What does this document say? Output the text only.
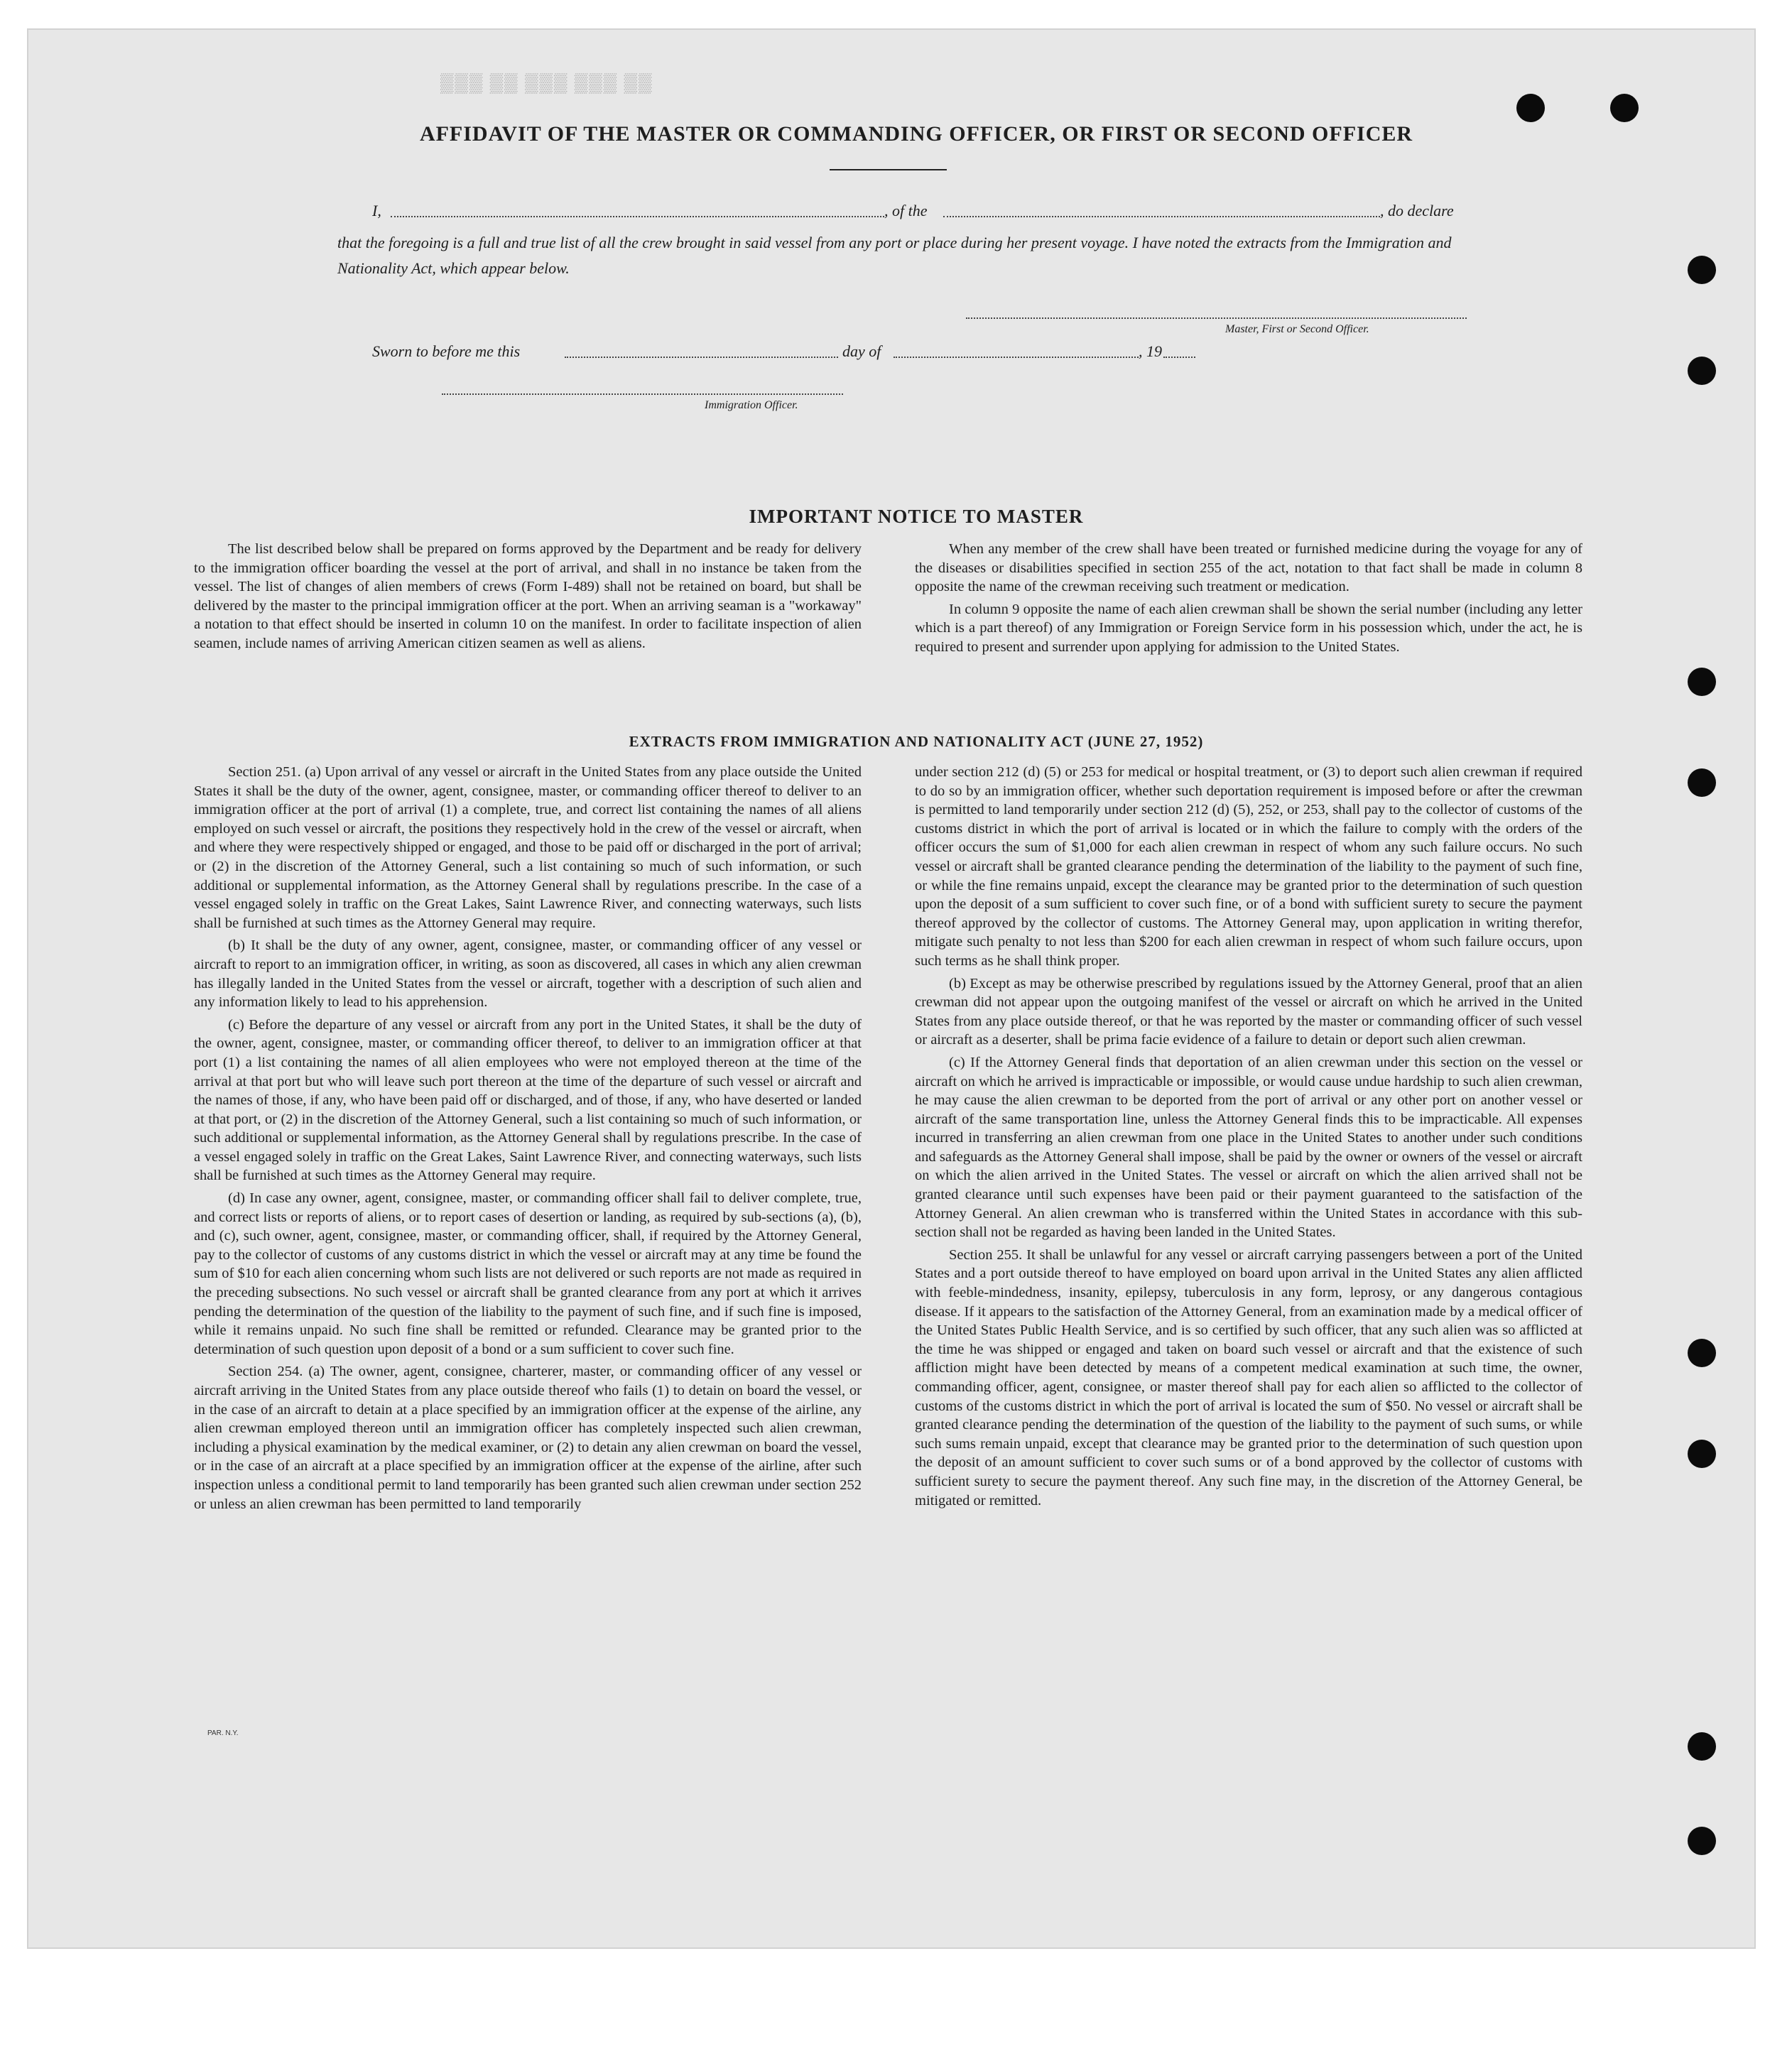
▒▒▒ ▒▒ ▒▒▒ ▒▒▒ ▒▒
AFFIDAVIT OF THE MASTER OR COMMANDING OFFICER, OR FIRST OR SECOND OFFICER
I,	, of the	, do declare
that the foregoing is a full and true list of all the crew brought in said vessel from any port or place during her present voyage. I have noted the extracts from the Immigration and Nationality Act, which appear below.
Master, First or Second Officer.
Sworn to before me this	day of	, 19
Immigration Officer.
IMPORTANT NOTICE TO MASTER

The list described below shall be prepared on forms approved by the Department and be ready for delivery to the immigration officer boarding the vessel at the port of arrival, and shall in no instance be taken from the vessel. The list of changes of alien members of crews (Form I-489) shall not be retained on board, but shall be delivered by the master to the principal immigration officer at the port. When an arriving seaman is a "workaway" a notation to that effect should be inserted in column 10 on the manifest. In order to facilitate inspection of alien seamen, include names of arriving American citizen seamen as well as aliens.

When any member of the crew shall have been treated or furnished medicine during the voyage for any of the diseases or disabilities specified in section 255 of the act, notation to that fact shall be made in column 8 opposite the name of the crewman receiving such treatment or medication.

In column 9 opposite the name of each alien crewman shall be shown the serial number (including any letter which is a part thereof) of any Immigration or Foreign Service form in his possession which, under the act, he is required to present and surrender upon applying for admission to the United States.

EXTRACTS FROM IMMIGRATION AND NATIONALITY ACT (JUNE 27, 1952)

Section 251. (a) Upon arrival of any vessel or aircraft in the United States from any place outside the United States it shall be the duty of the owner, agent, consignee, master, or commanding officer thereof to deliver to an immigration officer at the port of arrival (1) a complete, true, and correct list containing the names of all aliens employed on such vessel or aircraft, the positions they respectively hold in the crew of the vessel or aircraft, when and where they were respectively shipped or engaged, and those to be paid off or discharged in the port of arrival; or (2) in the discretion of the Attorney General, such a list containing so much of such information, or such additional or supplemental information, as the Attorney General shall by regulations prescribe. In the case of a vessel engaged solely in traffic on the Great Lakes, Saint Lawrence River, and connecting waterways, such lists shall be furnished at such times as the Attorney General may require.

(b) It shall be the duty of any owner, agent, consignee, master, or commanding officer of any vessel or aircraft to report to an immigration officer, in writing, as soon as discovered, all cases in which any alien crewman has illegally landed in the United States from the vessel or aircraft, together with a description of such alien and any information likely to lead to his apprehension.

(c) Before the departure of any vessel or aircraft from any port in the United States, it shall be the duty of the owner, agent, consignee, master, or commanding officer thereof, to deliver to an immigration officer at that port (1) a list containing the names of all alien employees who were not employed thereon at the time of the arrival at that port but who will leave such port thereon at the time of the departure of such vessel or aircraft and the names of those, if any, who have been paid off or discharged, and of those, if any, who have deserted or landed at that port, or (2) in the discretion of the Attorney General, such a list containing so much of such information, or such additional or supplemental information, as the Attorney General shall by regulations prescribe. In the case of a vessel engaged solely in traffic on the Great Lakes, Saint Lawrence River, and connecting waterways, such lists shall be furnished at such times as the Attorney General may require.

(d) In case any owner, agent, consignee, master, or commanding officer shall fail to deliver complete, true, and correct lists or reports of aliens, or to report cases of desertion or landing, as required by sub-sections (a), (b), and (c), such owner, agent, consignee, master, or commanding officer, shall, if required by the Attorney General, pay to the collector of customs of any customs district in which the vessel or aircraft may at any time be found the sum of $10 for each alien concerning whom such lists are not delivered or such reports are not made as required in the preceding subsections. No such vessel or aircraft shall be granted clearance from any port at which it arrives pending the determination of the question of the liability to the payment of such fine, and if such fine is imposed, while it remains unpaid. No such fine shall be remitted or refunded. Clearance may be granted prior to the determination of such question upon deposit of a bond or a sum sufficient to cover such fine.

Section 254. (a) The owner, agent, consignee, charterer, master, or commanding officer of any vessel or aircraft arriving in the United States from any place outside thereof who fails (1) to detain on board the vessel, or in the case of an aircraft to detain at a place specified by an immigration officer at the expense of the airline, any alien crewman employed thereon until an immigration officer has completely inspected such alien crewman, including a physical examination by the medical examiner, or (2) to detain any alien crewman on board the vessel, or in the case of an aircraft at a place specified by an immigration officer at the expense of the airline, after such inspection unless a conditional permit to land temporarily has been granted such alien crewman under section 252 or unless an alien crewman has been permitted to land temporarily

under section 212 (d) (5) or 253 for medical or hospital treatment, or (3) to deport such alien crewman if required to do so by an immigration officer, whether such deportation requirement is imposed before or after the crewman is permitted to land temporarily under section 212 (d) (5), 252, or 253, shall pay to the collector of customs of the customs district in which the port of arrival is located or in which the failure to comply with the orders of the officer occurs the sum of $1,000 for each alien crewman in respect of whom any such failure occurs. No such vessel or aircraft shall be granted clearance pending the determination of the liability to the payment of such fine, or while the fine remains unpaid, except the clearance may be granted prior to the determination of such question upon the deposit of a sum sufficient to cover such fine, or of a bond with sufficient surety to secure the payment thereof approved by the collector of customs. The Attorney General may, upon application in writing therefor, mitigate such penalty to not less than $200 for each alien crewman in respect of whom such failure occurs, upon such terms as he shall think proper.

(b) Except as may be otherwise prescribed by regulations issued by the Attorney General, proof that an alien crewman did not appear upon the outgoing manifest of the vessel or aircraft on which he arrived in the United States from any place outside thereof, or that he was reported by the master or commanding officer of such vessel or aircraft as a deserter, shall be prima facie evidence of a failure to detain or deport such alien crewman.

(c) If the Attorney General finds that deportation of an alien crewman under this section on the vessel or aircraft on which he arrived is impracticable or impossible, or would cause undue hardship to such alien crewman, he may cause the alien crewman to be deported from the port of arrival or any other port on another vessel or aircraft of the same transportation line, unless the Attorney General finds this to be impracticable. All expenses incurred in transferring an alien crewman from one place in the United States to another under such conditions and safeguards as the Attorney General shall impose, shall be paid by the owner or owners of the vessel or aircraft on which the alien arrived in the United States. The vessel or aircraft on which the alien arrived shall not be granted clearance until such expenses have been paid or their payment guaranteed to the satisfaction of the Attorney General. An alien crewman who is transferred within the United States in accordance with this sub-section shall not be regarded as having been landed in the United States.

Section 255. It shall be unlawful for any vessel or aircraft carrying passengers between a port of the United States and a port outside thereof to have employed on board upon arrival in the United States any alien afflicted with feeble-mindedness, insanity, epilepsy, tuberculosis in any form, leprosy, or any dangerous contagious disease. If it appears to the satisfaction of the Attorney General, from an examination made by a medical officer of the United States Public Health Service, and is so certified by such officer, that any such alien was so afflicted at the time he was shipped or engaged and taken on board such vessel or aircraft and that the existence of such affliction might have been detected by means of a competent medical examination at such time, the owner, commanding officer, agent, consignee, or master thereof shall pay for each alien so afflicted to the collector of customs of the customs district in which the port of arrival is located the sum of $50. No vessel or aircraft shall be granted clearance pending the determination of the question of the liability to the payment of such sums, or while such sums remain unpaid, except that clearance may be granted prior to the determination of such question upon the deposit of an amount sufficient to cover such sums or of a bond approved by the collector of customs with sufficient surety to secure the payment thereof. Any such fine may, in the discretion of the Attorney General, be mitigated or remitted.

PAR. N.Y.
